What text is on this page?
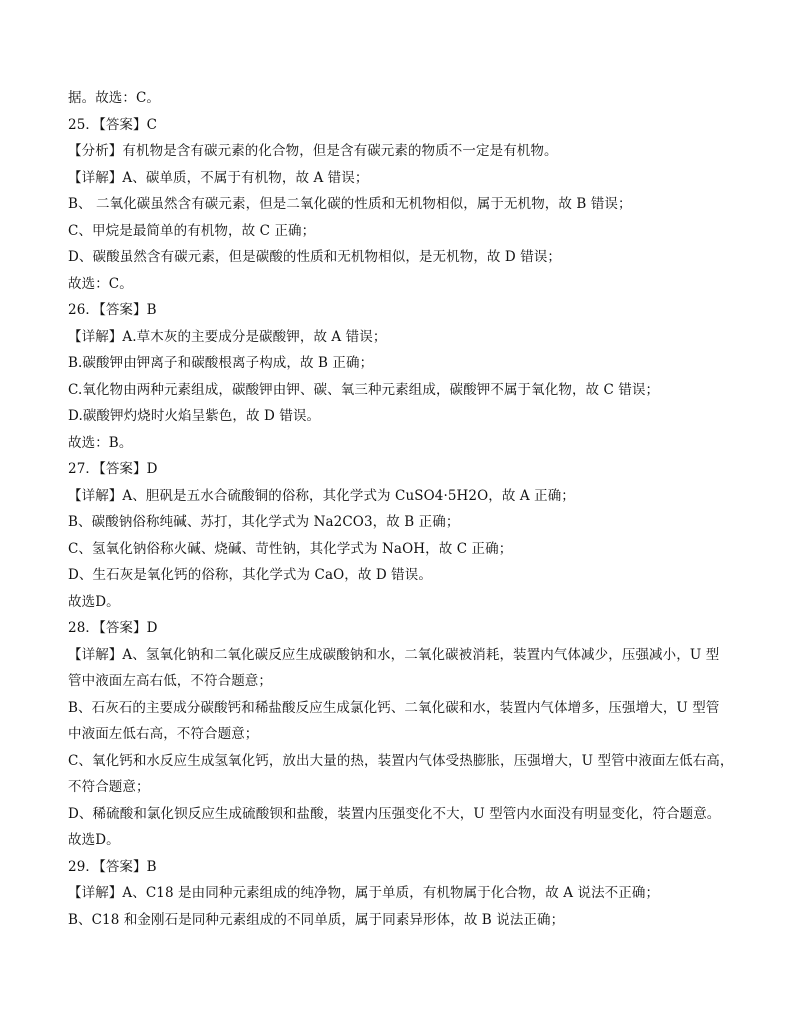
据。故选：C。
25．【答案】C
【分析】有机物是含有碳元素的化合物，但是含有碳元素的物质不一定是有机物。
【详解】A、碳单质，不属于有机物，故 A 错误；
B、 二氧化碳虽然含有碳元素，但是二氧化碳的性质和无机物相似，属于无机物，故 B 错误；
C、甲烷是最简单的有机物，故 C 正确；
D、碳酸虽然含有碳元素，但是碳酸的性质和无机物相似，是无机物，故 D 错误；
故选：C。
26．【答案】B
【详解】A.草木灰的主要成分是碳酸钾，故 A 错误；
B.碳酸钾由钾离子和碳酸根离子构成，故 B 正确；
C.氧化物由两种元素组成，碳酸钾由钾、碳、氧三种元素组成，碳酸钾不属于氧化物，故 C 错误；
D.碳酸钾灼烧时火焰呈紫色，故 D 错误。
故选：B。
27．【答案】D
【详解】A、胆矾是五水合硫酸铜的俗称，其化学式为 CuSO4·5H2O，故 A 正确；
B、碳酸钠俗称纯碱、苏打，其化学式为 Na2CO3，故 B 正确；
C、氢氧化钠俗称火碱、烧碱、苛性钠，其化学式为 NaOH，故 C 正确；
D、生石灰是氧化钙的俗称，其化学式为 CaO，故 D 错误。
故选D。
28．【答案】D
【详解】A、氢氧化钠和二氧化碳反应生成碳酸钠和水，二氧化碳被消耗，装置内气体减少，压强减小，U 型
管中液面左高右低，不符合题意；
B、石灰石的主要成分碳酸钙和稀盐酸反应生成氯化钙、二氧化碳和水，装置内气体增多，压强增大，U 型管
中液面左低右高，不符合题意；
C、氧化钙和水反应生成氢氧化钙，放出大量的热，装置内气体受热膨胀，压强增大，U 型管中液面左低右高，
不符合题意；
D、稀硫酸和氯化钡反应生成硫酸钡和盐酸，装置内压强变化不大，U 型管内水面没有明显变化，符合题意。
故选D。
29．【答案】B
【详解】A、C18 是由同种元素组成的纯净物，属于单质，有机物属于化合物，故 A 说法不正确；
B、C18 和金刚石是同种元素组成的不同单质，属于同素异形体，故 B 说法正确；
